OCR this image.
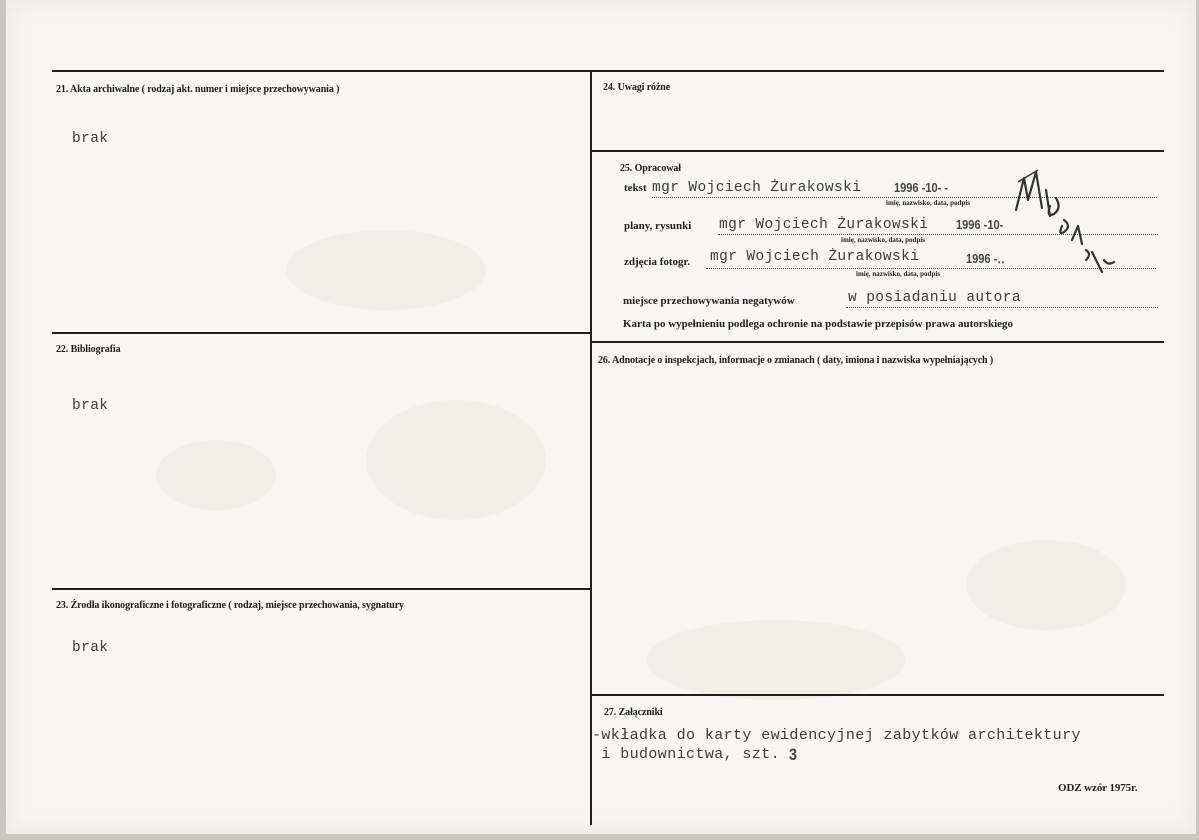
21. Akta archiwalne ( rodzaj akt. numer i miejsce przechowywania )
brak
22. Bibliografia
brak
23. Źrodła ikonograficzne i fotograficzne ( rodzaj, miejsce przechowania, sygnatury
brak
24. Uwagi różne
25. Opracował
tekst mgr Wojciech Żurakowski	1996 -10- -
imię, nazwisko, data, podpis
plany, rysunki mgr Wojciech Żurakowski 1996 -10-
imię, nazwisko, data, podpis
zdjęcia fotogr. mgr Wojciech Żurakowski	1996 -‥
imię, nazwisko, data, podpis
miejsce przechowywania negatywów	w posiadaniu autora
Karta po wypełnieniu podlega ochronie na podstawie przepisów prawa autorskiego
26. Adnotacje o inspekcjach, informacje o zmianach ( daty, imiona i nazwiska wypełniających )
27. Załączniki
-wkładka do karty ewidencyjnej zabytków architektury
i budownictwa, szt. 3
ODZ wzór 1975r.
